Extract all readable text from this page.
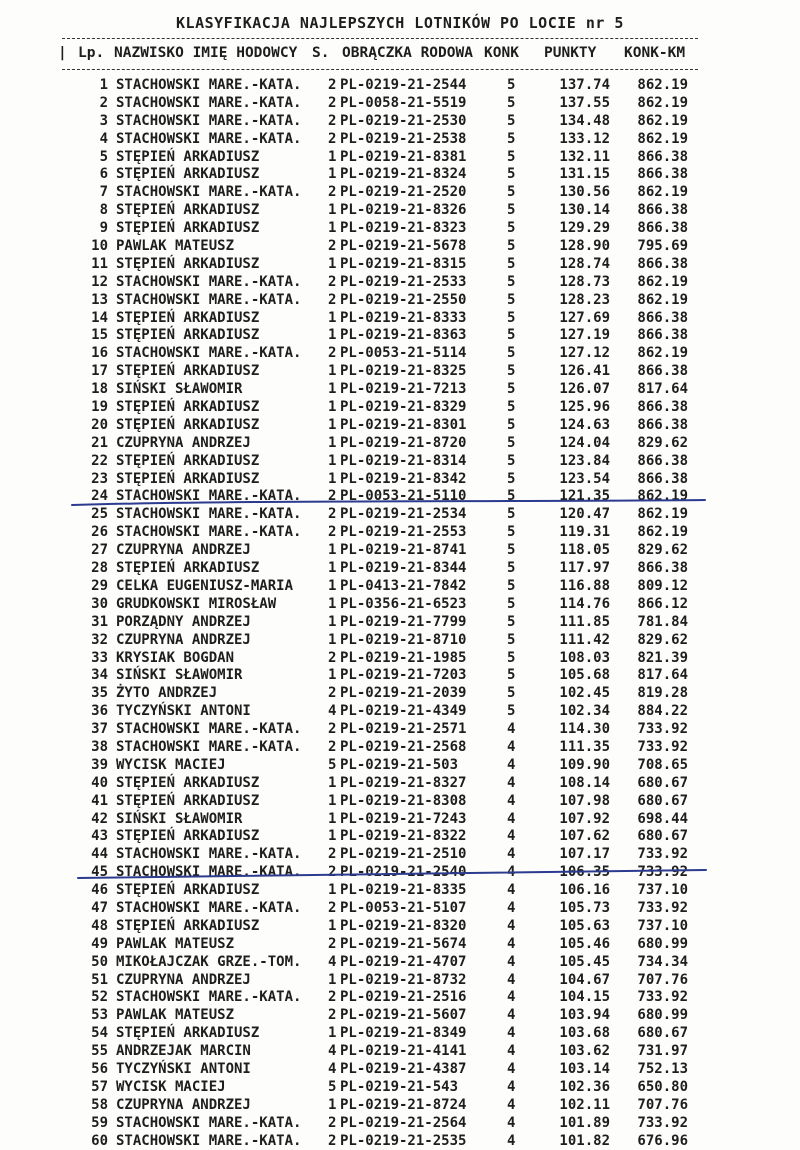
KLASYFIKACJA NAJLEPSZYCH LOTNIKÓW PO LOCIE nr 5
| Lp. NAZWISKO IMIĘ HODOWCY S. OBRĄCZKA RODOWA KONK PUNKTY KONK-KM
1 STACHOWSKI MARE.-KATA. 2 PL-0219-21-2544	5	137.74	862.19
2 STACHOWSKI MARE.-KATA. 2 PL-0058-21-5519	5	137.55	862.19
3 STACHOWSKI MARE.-KATA. 2 PL-0219-21-2530	5	134.48	862.19
4 STACHOWSKI MARE.-KATA. 2 PL-0219-21-2538	5	133.12	862.19
5 STĘPIEŃ ARKADIUSZ	1 PL-0219-21-8381	5	132.11	866.38
6 STĘPIEŃ ARKADIUSZ	1 PL-0219-21-8324	5	131.15	866.38
7 STACHOWSKI MARE.-KATA. 2 PL-0219-21-2520	5	130.56	862.19
8 STĘPIEŃ ARKADIUSZ	1 PL-0219-21-8326	5	130.14	866.38
9 STĘPIEŃ ARKADIUSZ	1 PL-0219-21-8323	5	129.29	866.38
10 PAWLAK MATEUSZ	2 PL-0219-21-5678	5	128.90	795.69
11 STĘPIEŃ ARKADIUSZ	1 PL-0219-21-8315	5	128.74	866.38
12 STACHOWSKI MARE.-KATA. 2 PL-0219-21-2533	5	128.73	862.19
13 STACHOWSKI MARE.-KATA. 2 PL-0219-21-2550	5	128.23	862.19
14 STĘPIEŃ ARKADIUSZ	1 PL-0219-21-8333	5	127.69	866.38
15 STĘPIEŃ ARKADIUSZ	1 PL-0219-21-8363	5	127.19	866.38
16 STACHOWSKI MARE.-KATA. 2 PL-0053-21-5114	5	127.12	862.19
17 STĘPIEŃ ARKADIUSZ	1 PL-0219-21-8325	5	126.41	866.38
18 SIŃSKI SŁAWOMIR	1 PL-0219-21-7213	5	126.07	817.64
19 STĘPIEŃ ARKADIUSZ	1 PL-0219-21-8329	5	125.96	866.38
20 STĘPIEŃ ARKADIUSZ	1 PL-0219-21-8301	5	124.63	866.38
21 CZUPRYNA ANDRZEJ	1 PL-0219-21-8720	5	124.04	829.62
22 STĘPIEŃ ARKADIUSZ	1 PL-0219-21-8314	5	123.84	866.38
23 STĘPIEŃ ARKADIUSZ	1 PL-0219-21-8342	5	123.54	866.38
24 STACHOWSKI MARE.-KATA. 2 PL-0053-21-5110	5	121.35	862.19
25 STACHOWSKI MARE.-KATA. 2 PL-0219-21-2534	5	120.47	862.19
26 STACHOWSKI MARE.-KATA. 2 PL-0219-21-2553	5	119.31	862.19
27 CZUPRYNA ANDRZEJ	1 PL-0219-21-8741	5	118.05	829.62
28 STĘPIEŃ ARKADIUSZ	1 PL-0219-21-8344	5	117.97	866.38
29 CELKA EUGENIUSZ-MARIA 1 PL-0413-21-7842	5	116.88	809.12
30 GRUDKOWSKI MIROSŁAW	1 PL-0356-21-6523	5	114.76	866.12
31 PORZĄDNY ANDRZEJ	1 PL-0219-21-7799	5	111.85	781.84
32 CZUPRYNA ANDRZEJ	1 PL-0219-21-8710	5	111.42	829.62
33 KRYSIAK BOGDAN	2 PL-0219-21-1985	5	108.03	821.39
34 SIŃSKI SŁAWOMIR	1 PL-0219-21-7203	5	105.68	817.64
35 ŻYTO ANDRZEJ	2 PL-0219-21-2039	5	102.45	819.28
36 TYCZYŃSKI ANTONI	4 PL-0219-21-4349	5	102.34	884.22
37 STACHOWSKI MARE.-KATA. 2 PL-0219-21-2571	4	114.30	733.92
38 STACHOWSKI MARE.-KATA. 2 PL-0219-21-2568	4	111.35	733.92
39 WYCISK MACIEJ	5 PL-0219-21-503	4	109.90	708.65
40 STĘPIEŃ ARKADIUSZ	1 PL-0219-21-8327	4	108.14	680.67
41 STĘPIEŃ ARKADIUSZ	1 PL-0219-21-8308	4	107.98	680.67
42 SIŃSKI SŁAWOMIR	1 PL-0219-21-7243	4	107.92	698.44
43 STĘPIEŃ ARKADIUSZ	1 PL-0219-21-8322	4	107.62	680.67
44 STACHOWSKI MARE.-KATA. 2 PL-0219-21-2510	4	107.17	733.92
45 STACHOWSKI MARE.-KATA. 2 PL-0219-21-2540	4	106.35	733.92
46 STĘPIEŃ ARKADIUSZ	1 PL-0219-21-8335	4	106.16	737.10
47 STACHOWSKI MARE.-KATA. 2 PL-0053-21-5107	4	105.73	733.92
48 STĘPIEŃ ARKADIUSZ	1 PL-0219-21-8320	4	105.63	737.10
49 PAWLAK MATEUSZ	2 PL-0219-21-5674	4	105.46	680.99
50 MIKOŁAJCZAK GRZE.-TOM. 4 PL-0219-21-4707	4	105.45	734.34
51 CZUPRYNA ANDRZEJ	1 PL-0219-21-8732	4	104.67	707.76
52 STACHOWSKI MARE.-KATA. 2 PL-0219-21-2516	4	104.15	733.92
53 PAWLAK MATEUSZ	2 PL-0219-21-5607	4	103.94	680.99
54 STĘPIEŃ ARKADIUSZ	1 PL-0219-21-8349	4	103.68	680.67
55 ANDRZEJAK MARCIN	4 PL-0219-21-4141	4	103.62	731.97
56 TYCZYŃSKI ANTONI	4 PL-0219-21-4387	4	103.14	752.13
57 WYCISK MACIEJ	5 PL-0219-21-543	4	102.36	650.80
58 CZUPRYNA ANDRZEJ	1 PL-0219-21-8724	4	102.11	707.76
59 STACHOWSKI MARE.-KATA. 2 PL-0219-21-2564	4	101.89	733.92
60 STACHOWSKI MARE.-KATA. 2 PL-0219-21-2535	4	101.82	676.96
